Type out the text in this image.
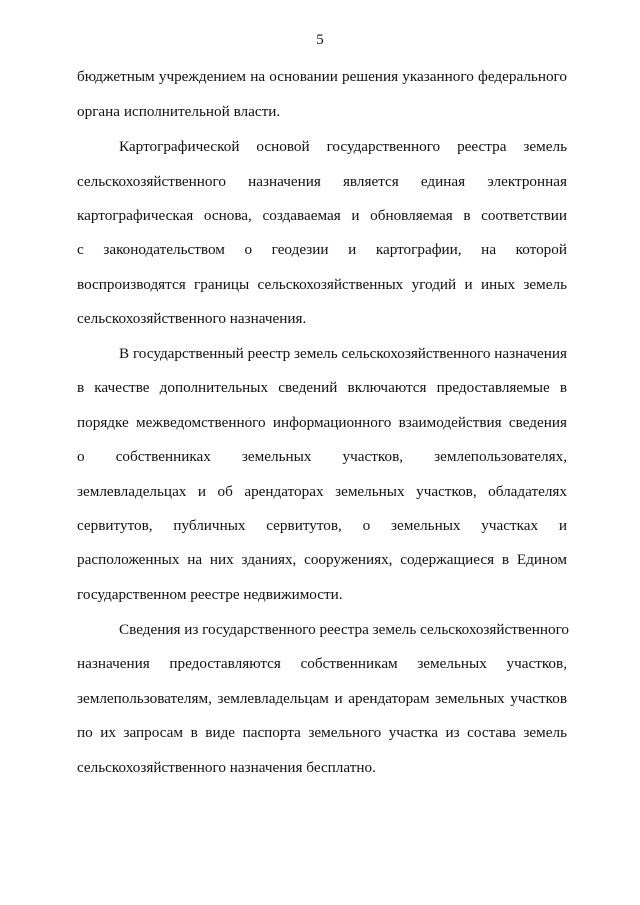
5
бюджетным учреждением на основании решения указанного федерального
органа исполнительной власти.
Картографической основой государственного реестра земель
сельскохозяйственного назначения является единая электронная
картографическая основа, создаваемая и обновляемая в соответствии
с законодательством о геодезии и картографии, на которой
воспроизводятся границы сельскохозяйственных угодий и иных земель
сельскохозяйственного назначения.
В государственный реестр земель сельскохозяйственного назначения
в качестве дополнительных сведений включаются предоставляемые в
порядке межведомственного информационного взаимодействия сведения
о собственниках земельных участков, землепользователях,
землевладельцах и об арендаторах земельных участков, обладателях
сервитутов, публичных сервитутов, о земельных участках и
расположенных на них зданиях, сооружениях, содержащиеся в Едином
государственном реестре недвижимости.
Сведения из государственного реестра земель сельскохозяйственного
назначения предоставляются собственникам земельных участков,
землепользователям, землевладельцам и арендаторам земельных участков
по их запросам в виде паспорта земельного участка из состава земель
сельскохозяйственного назначения бесплатно.
